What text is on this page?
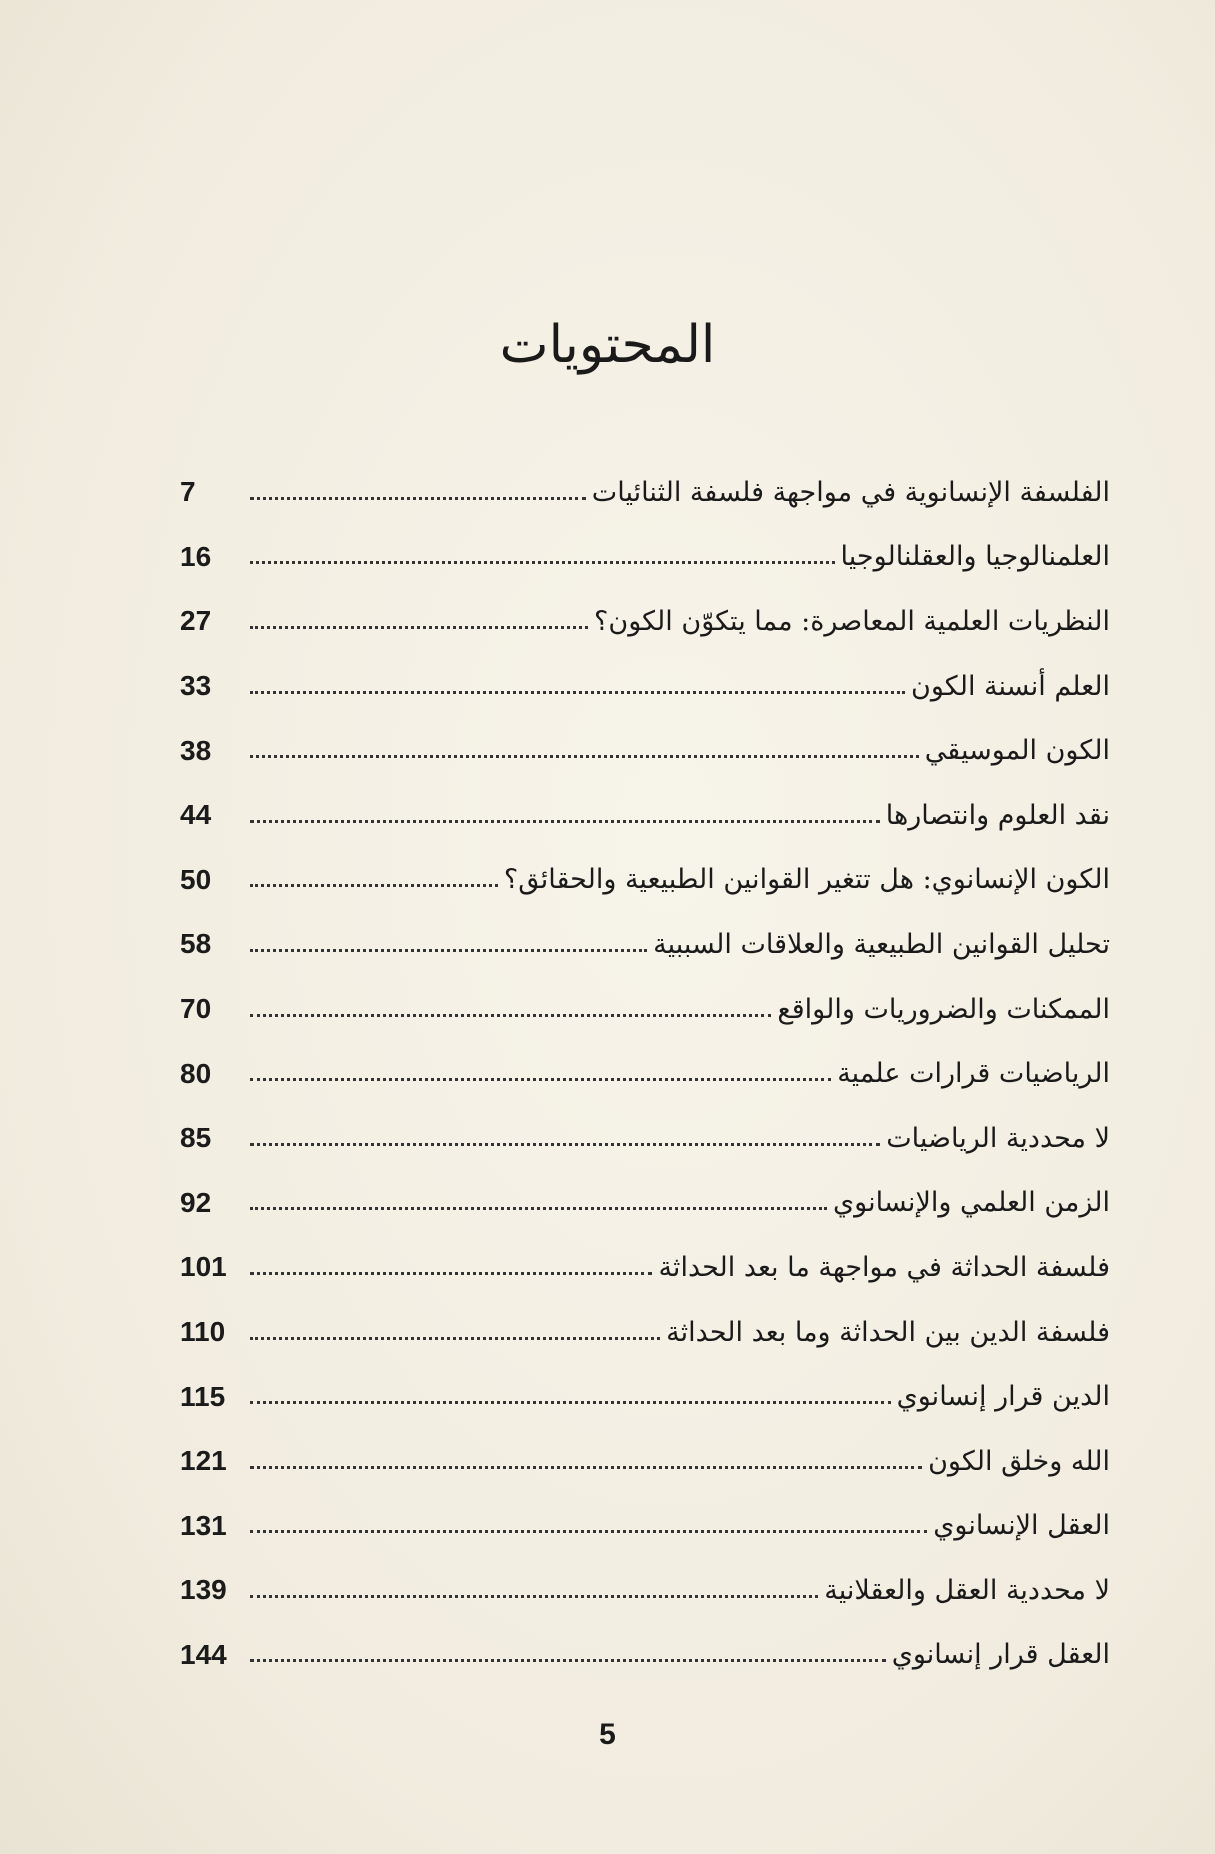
المحتويات
7	الفلسفة الإنسانوية في مواجهة فلسفة الثنائيات
16	العلمنالوجيا والعقلنالوجيا
27	النظريات العلمية المعاصرة: مما يتكوّن الكون؟
33	العلم أنسنة الكون
38	الكون الموسيقي
44	نقد العلوم وانتصارها
50	الكون الإنسانوي: هل تتغير القوانين الطبيعية والحقائق؟
58	تحليل القوانين الطبيعية والعلاقات السببية
70	الممكنات والضروريات والواقع
80	الرياضيات قرارات علمية
85	لا محددية الرياضيات
92	الزمن العلمي والإنسانوي
101	فلسفة الحداثة في مواجهة ما بعد الحداثة
110	فلسفة الدين بين الحداثة وما بعد الحداثة
115	الدين قرار إنسانوي
121	الله وخلق الكون
131	العقل الإنسانوي
139	لا محددية العقل والعقلانية
144	العقل قرار إنسانوي
5
